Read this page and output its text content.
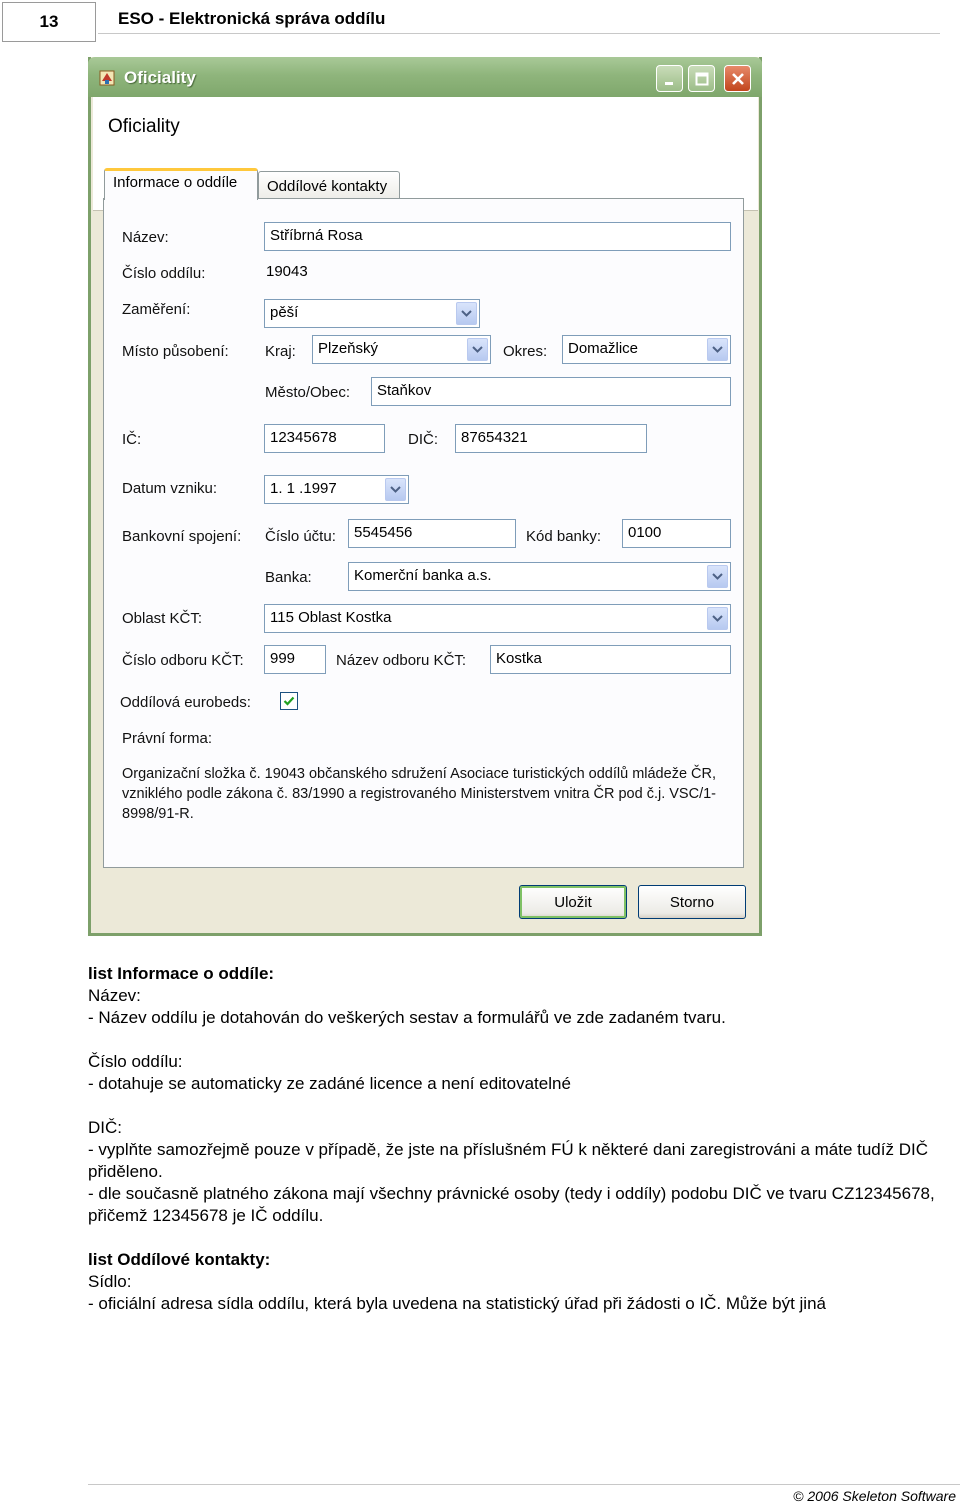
13	ESO - Elektronická správa oddílu
Oficiality
Oficiality
Informace o oddíle	Oddílové kontakty
Název:	Stříbrná Rosa
Číslo oddílu:	19043
Zaměření:	pěší
Místo působení: Kraj:	Plzeňský	Okres:	Domažlice
Město/Obec:	Staňkov
IČ:	12345678	DIČ:	87654321
Datum vzniku:	1. 1 .1997
Bankovní spojení: Číslo účtu:	5545456	Kód banky:	0100
Banka:	Komerční banka a.s.
Oblast KČT:	115 Oblast Kostka
Číslo odboru KČT:	999	Název odboru KČT:	Kostka
Oddílová eurobeds:
Právní forma:
Organizační složka č. 19043 občanského sdružení Asociace turistických oddílů mládeže ČR, vzniklého podle zákona č. 83/1990 a registrovaného Ministerstvem vnitra ČR pod č.j. VSC/1-8998/91-R.
Uložit	Storno
list Informace o oddíle:
Název:
- Název oddílu je dotahován do veškerých sestav a formulářů ve zde zadaném tvaru.
Číslo oddílu:
- dotahuje se automaticky ze zadáné licence a není editovatelné
DIČ:
- vyplňte samozřejmě pouze v případě, že jste na příslušném FÚ k některé dani zaregistrováni a máte tudíž DIČ přiděleno.
- dle současně platného zákona mají všechny právnické osoby (tedy i oddíly) podobu DIČ ve tvaru CZ12345678, přičemž 12345678 je IČ oddílu.
list Oddílové kontakty:
Sídlo:
- oficiální adresa sídla oddílu, která byla uvedena na statistický úřad při žádosti o IČ. Může být jiná
© 2006 Skeleton Software
